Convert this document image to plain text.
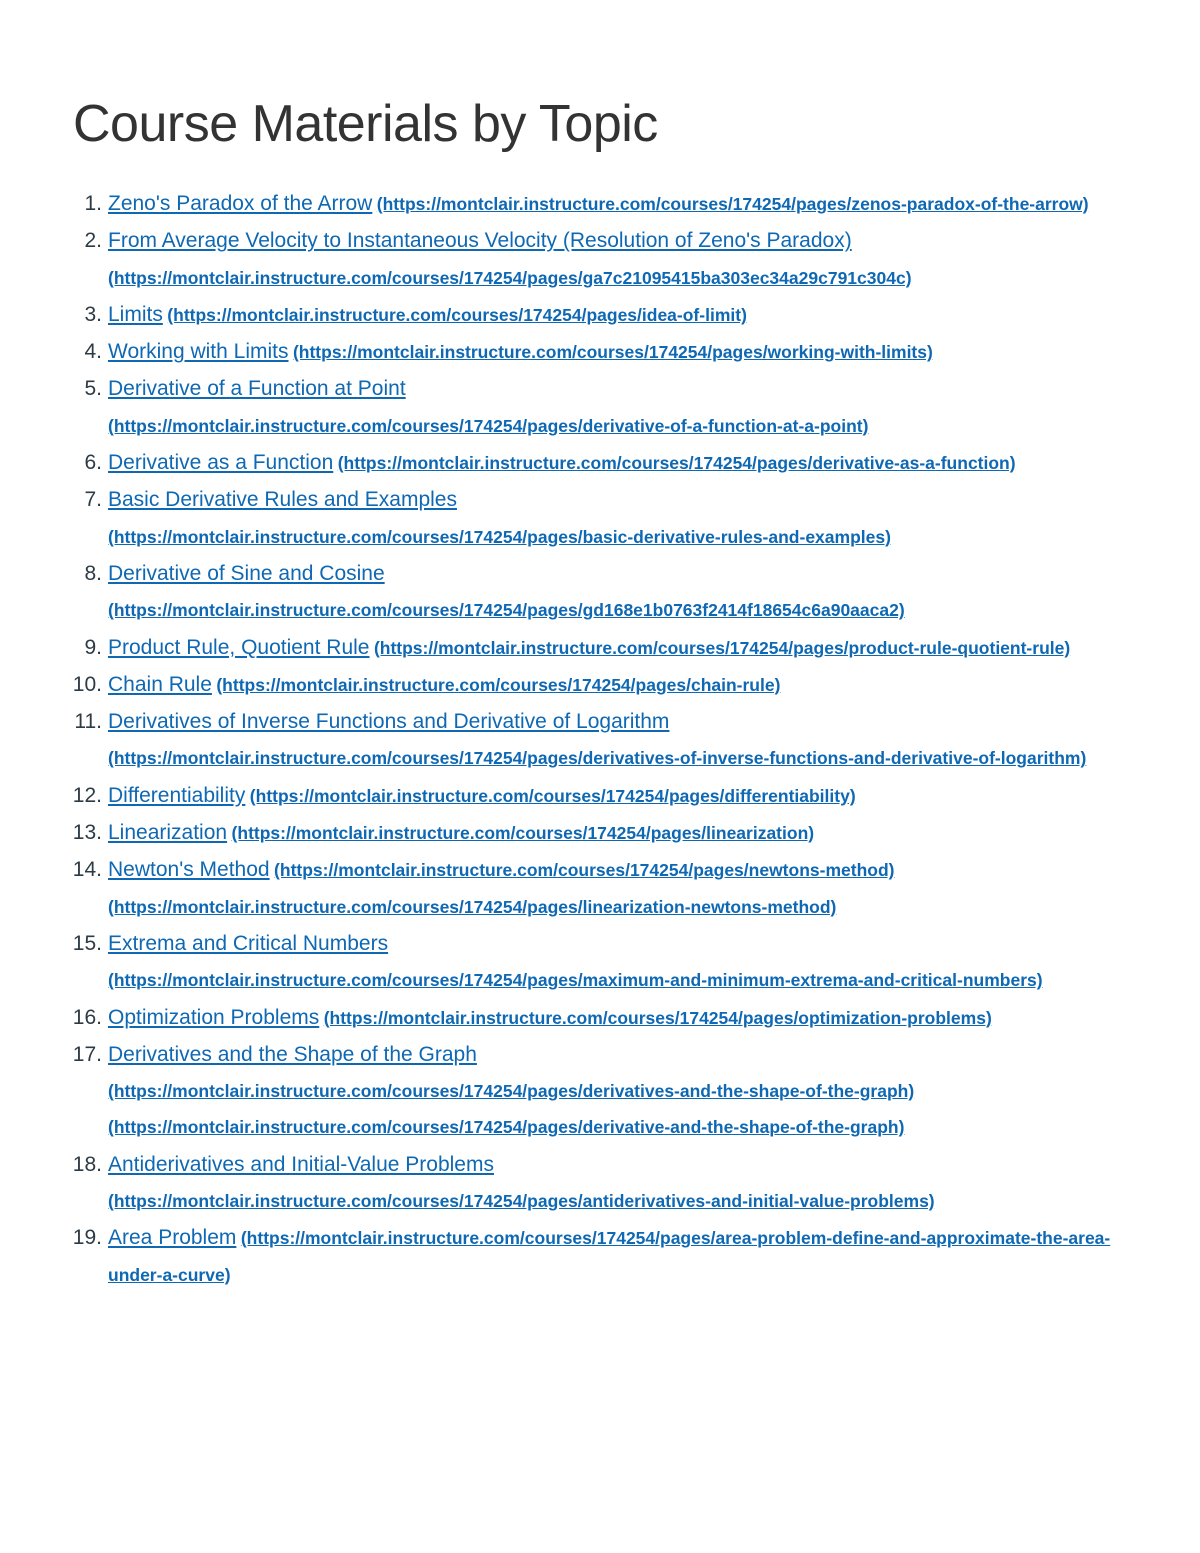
Course Materials by Topic
1. Zeno's Paradox of the Arrow (https://montclair.instructure.com/courses/174254/pages/zenos-paradox-of-the-arrow)
2. From Average Velocity to Instantaneous Velocity (Resolution of Zeno's Paradox)
(https://montclair.instructure.com/courses/174254/pages/ga7c21095415ba303ec34a29c791c304c)
3. Limits (https://montclair.instructure.com/courses/174254/pages/idea-of-limit)
4. Working with Limits (https://montclair.instructure.com/courses/174254/pages/working-with-limits)
5. Derivative of a Function at Point
(https://montclair.instructure.com/courses/174254/pages/derivative-of-a-function-at-a-point)
6. Derivative as a Function (https://montclair.instructure.com/courses/174254/pages/derivative-as-a-function)
7. Basic Derivative Rules and Examples
(https://montclair.instructure.com/courses/174254/pages/basic-derivative-rules-and-examples)
8. Derivative of Sine and Cosine
(https://montclair.instructure.com/courses/174254/pages/gd168e1b0763f2414f18654c6a90aaca2)
9. Product Rule, Quotient Rule (https://montclair.instructure.com/courses/174254/pages/product-rule-quotient-rule)
10. Chain Rule (https://montclair.instructure.com/courses/174254/pages/chain-rule)
11. Derivatives of Inverse Functions and Derivative of Logarithm
(https://montclair.instructure.com/courses/174254/pages/derivatives-of-inverse-functions-and-derivative-of-logarithm)
12. Differentiability (https://montclair.instructure.com/courses/174254/pages/differentiability)
13. Linearization (https://montclair.instructure.com/courses/174254/pages/linearization)
14. Newton's Method (https://montclair.instructure.com/courses/174254/pages/newtons-method)
(https://montclair.instructure.com/courses/174254/pages/linearization-newtons-method)
15. Extrema and Critical Numbers
(https://montclair.instructure.com/courses/174254/pages/maximum-and-minimum-extrema-and-critical-numbers)
16. Optimization Problems (https://montclair.instructure.com/courses/174254/pages/optimization-problems)
17. Derivatives and the Shape of the Graph
(https://montclair.instructure.com/courses/174254/pages/derivatives-and-the-shape-of-the-graph)
(https://montclair.instructure.com/courses/174254/pages/derivative-and-the-shape-of-the-graph)
18. Antiderivatives and Initial-Value Problems
(https://montclair.instructure.com/courses/174254/pages/antiderivatives-and-initial-value-problems)
19. Area Problem (https://montclair.instructure.com/courses/174254/pages/area-problem-define-and-approximate-the-area-under-a-curve)
